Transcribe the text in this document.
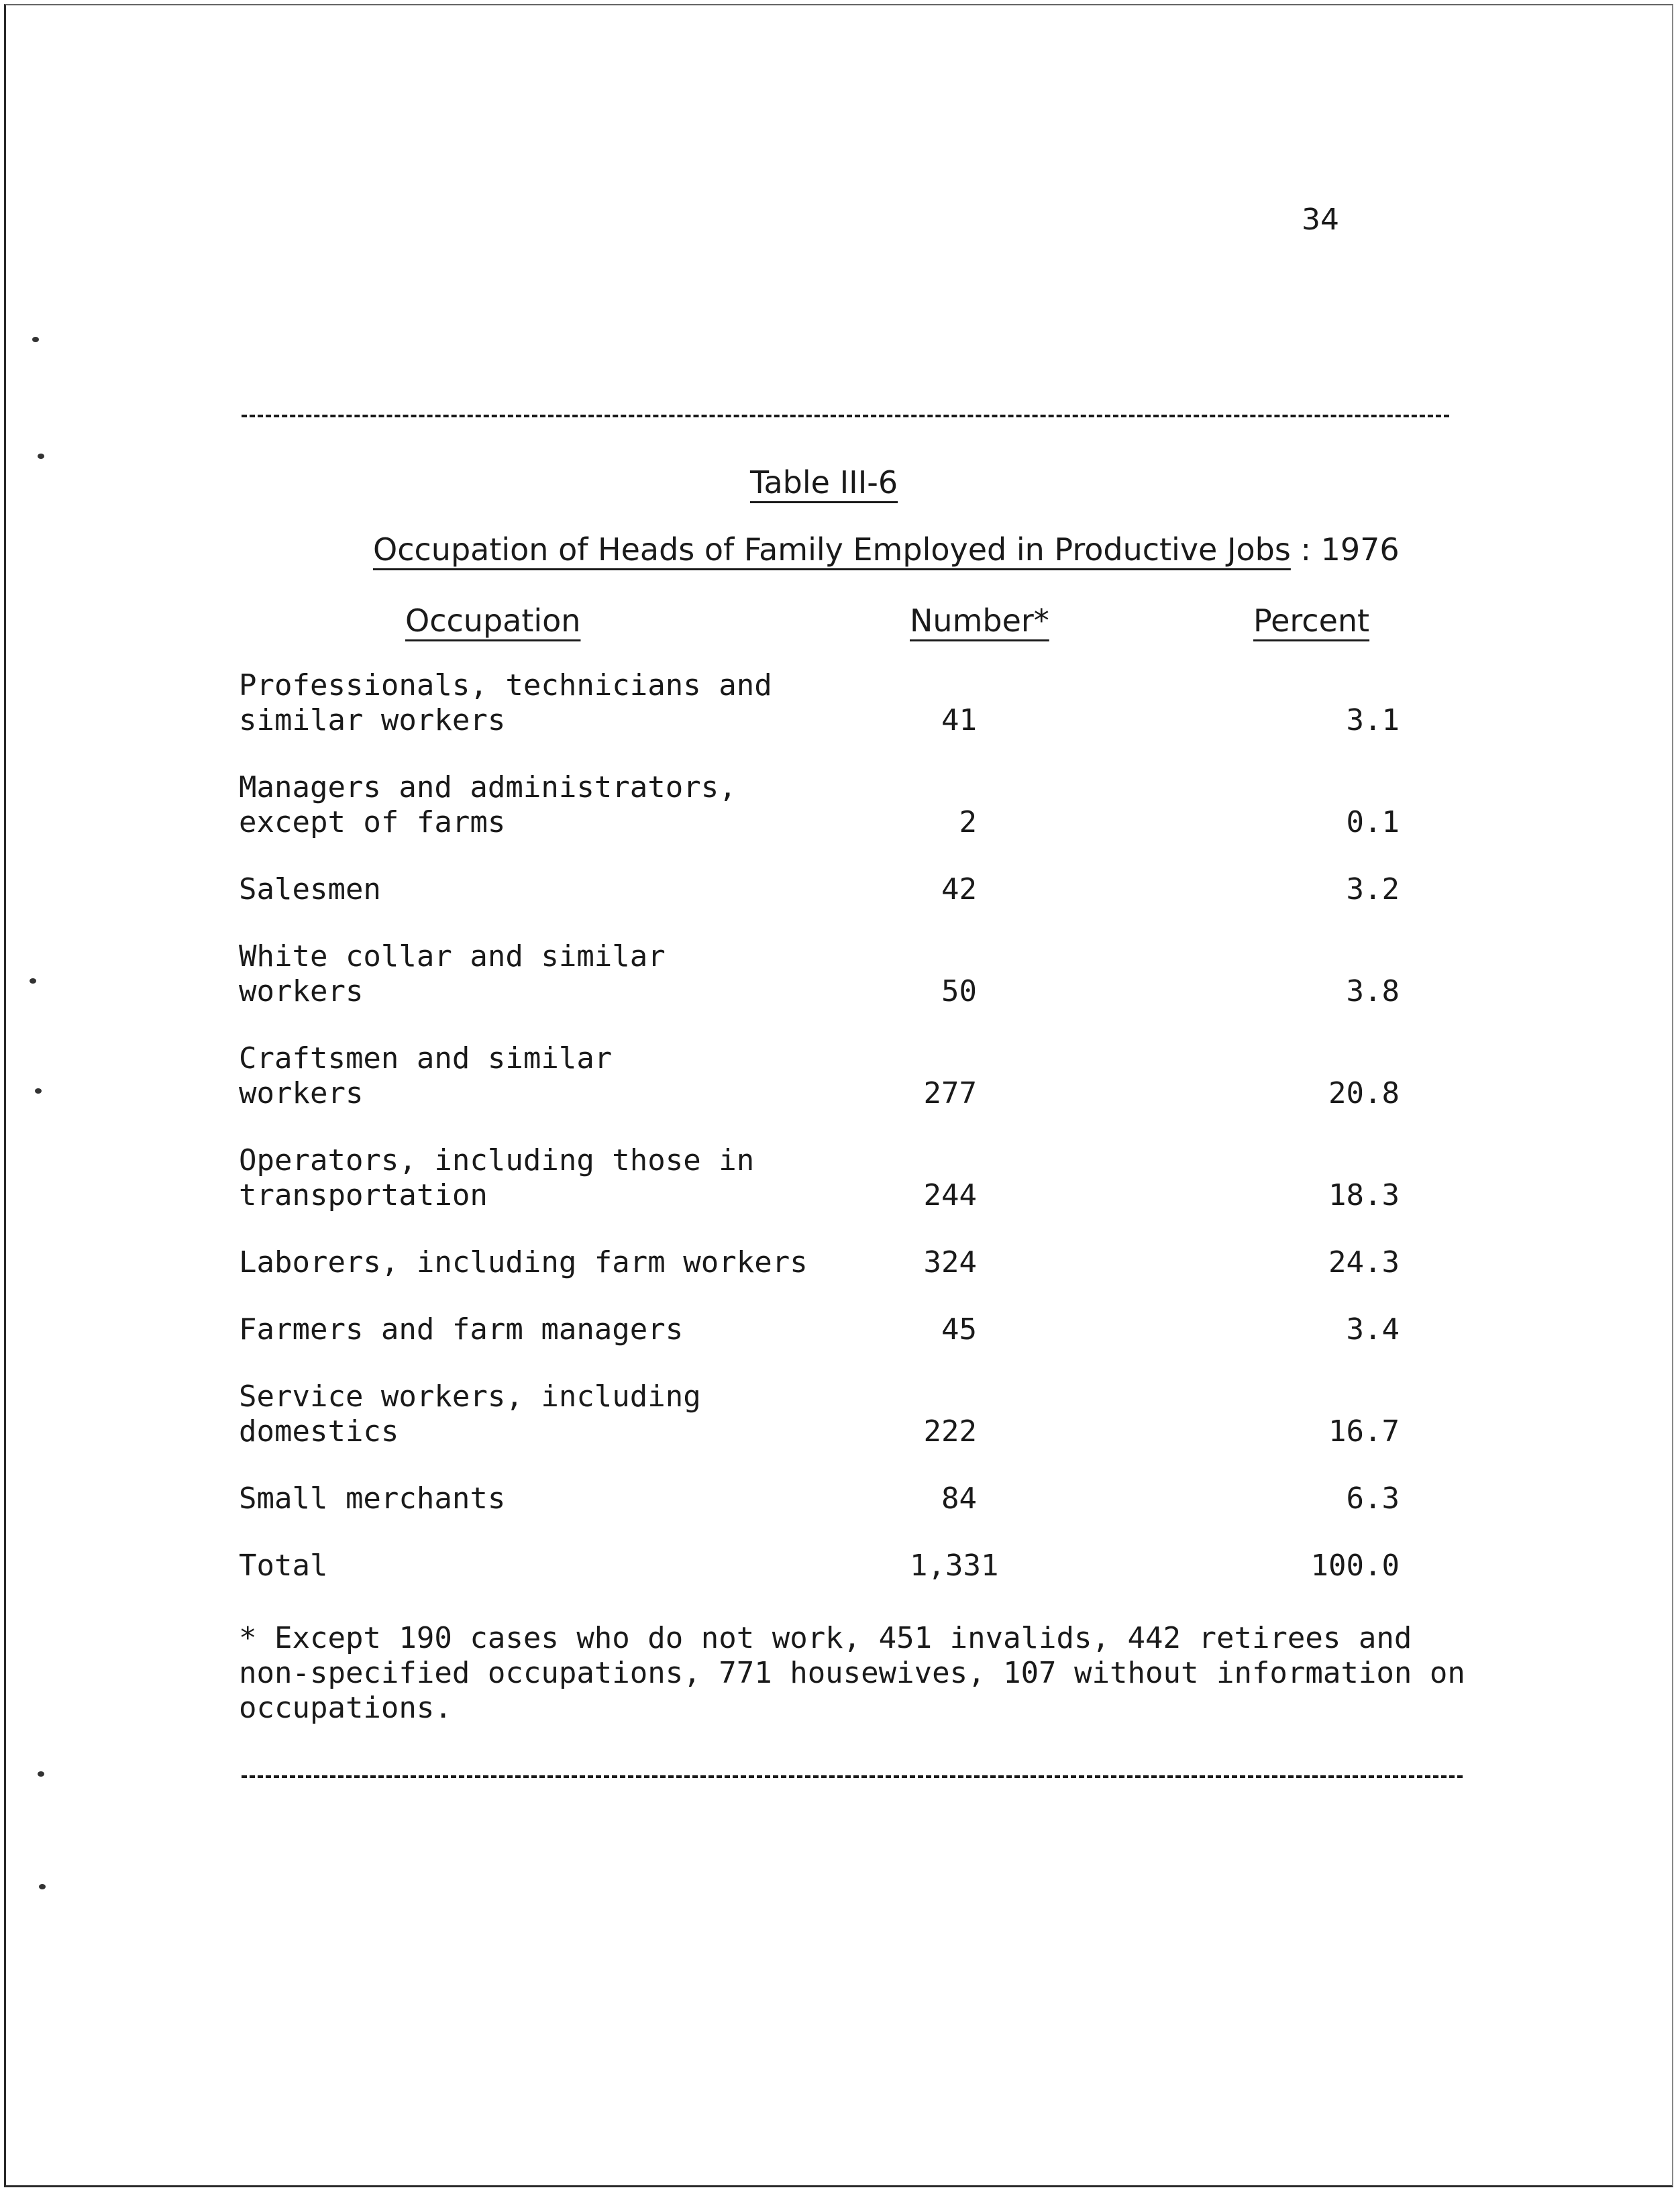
34
Table III-6
Occupation of Heads of Family Employed in Productive Jobs : 1976
Occupation	Number*	Percent
Professionals, technicians and
similar workers	41	3.1
Managers and administrators,
except of farms	2	0.1
Salesmen	42	3.2
White collar and similar
workers	50	3.8
Craftsmen and similar
workers	277	20.8
Operators, including those in
transportation	244	18.3
Laborers, including farm workers	324	24.3
Farmers and farm managers	45	3.4
Service workers, including
domestics	222	16.7
Small merchants	84	6.3
Total	1,331	100.0
* Except 190 cases who do not work, 451 invalids, 442 retirees and non-specified occupations, 771 housewives, 107 without information on occupations.
